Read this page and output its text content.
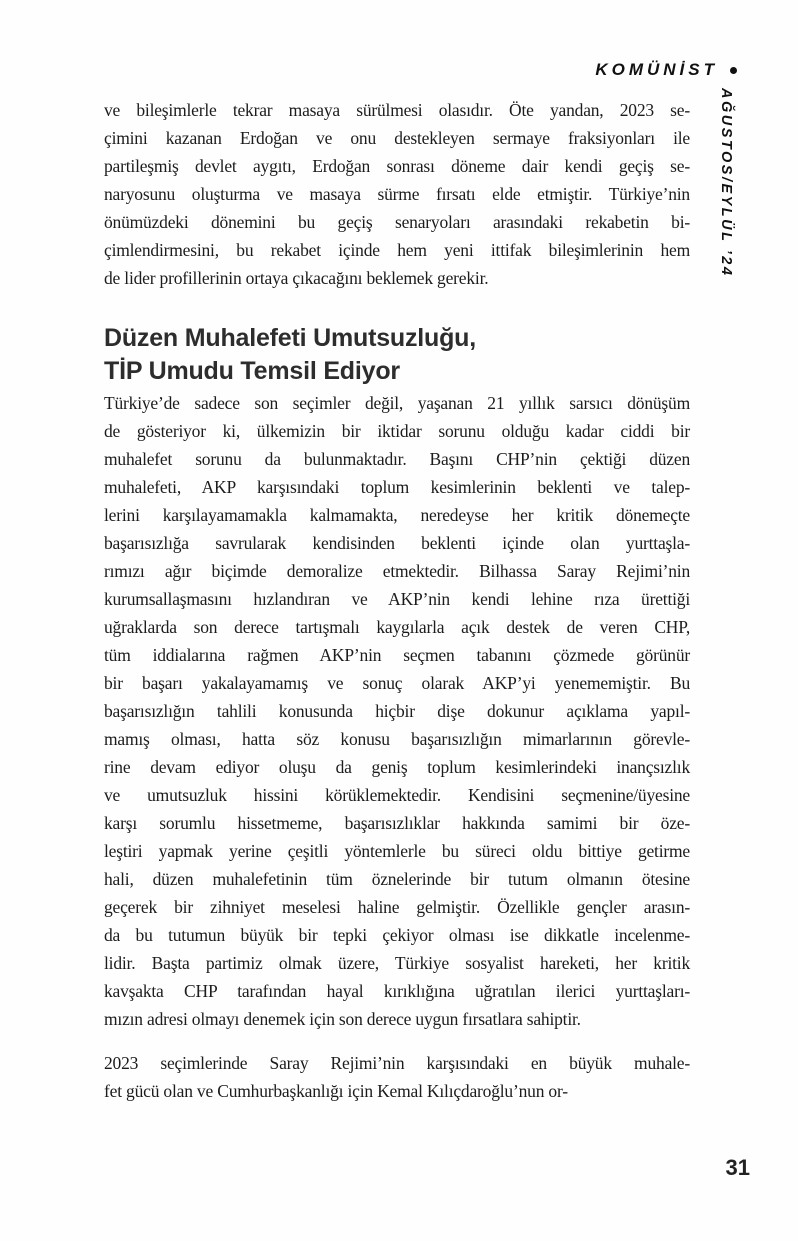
KOMÜNİST
AĞUSTOS/EYLÜL ’24
ve bileşimlerle tekrar masaya sürülmesi olasıdır. Öte yandan, 2023 se-
çimini kazanan Erdoğan ve onu destekleyen sermaye fraksiyonları ile
partileşmiş devlet aygıtı, Erdoğan sonrası döneme dair kendi geçiş se-
naryosunu oluşturma ve masaya sürme fırsatı elde etmiştir. Türkiye’nin
önümüzdeki dönemini bu geçiş senaryoları arasındaki rekabetin bi-
çimlendirmesini, bu rekabet içinde hem yeni ittifak bileşimlerinin hem
de lider profillerinin ortaya çıkacağını beklemek gerekir.
Düzen Muhalefeti Umutsuzluğu,
TİP Umudu Temsil Ediyor
Türkiye’de sadece son seçimler değil, yaşanan 21 yıllık sarsıcı dönüşüm
de gösteriyor ki, ülkemizin bir iktidar sorunu olduğu kadar ciddi bir
muhalefet sorunu da bulunmaktadır. Başını CHP’nin çektiği düzen
muhalefeti, AKP karşısındaki toplum kesimlerinin beklenti ve talep-
lerini karşılayamamakla kalmamakta, neredeyse her kritik dönemeçte
başarısızlığa savrularak kendisinden beklenti içinde olan yurttaşla-
rımızı ağır biçimde demoralize etmektedir. Bilhassa Saray Rejimi’nin
kurumsallaşmasını hızlandıran ve AKP’nin kendi lehine rıza ürettiği
uğraklarda son derece tartışmalı kaygılarla açık destek de veren CHP,
tüm iddialarına rağmen AKP’nin seçmen tabanını çözmede görünür
bir başarı yakalayamamış ve sonuç olarak AKP’yi yenememiştir. Bu
başarısızlığın tahlili konusunda hiçbir dişe dokunur açıklama yapıl-
mamış olması, hatta söz konusu başarısızlığın mimarlarının görevle-
rine devam ediyor oluşu da geniş toplum kesimlerindeki inançsızlık
ve umutsuzluk hissini körüklemektedir. Kendisini seçmenine/üyesine
karşı sorumlu hissetmeme, başarısızlıklar hakkında samimi bir öze-
leştiri yapmak yerine çeşitli yöntemlerle bu süreci oldu bittiye getirme
hali, düzen muhalefetinin tüm öznelerinde bir tutum olmanın ötesine
geçerek bir zihniyet meselesi haline gelmiştir. Özellikle gençler arasın-
da bu tutumun büyük bir tepki çekiyor olması ise dikkatle incelenme-
lidir. Başta partimiz olmak üzere, Türkiye sosyalist hareketi, her kritik
kavşakta CHP tarafından hayal kırıklığına uğratılan ilerici yurttaşları-
mızın adresi olmayı denemek için son derece uygun fırsatlara sahiptir.
2023 seçimlerinde Saray Rejimi’nin karşısındaki en büyük muhale-
fet gücü olan ve Cumhurbaşkanlığı için Kemal Kılıçdaroğlu’nun or-
31
